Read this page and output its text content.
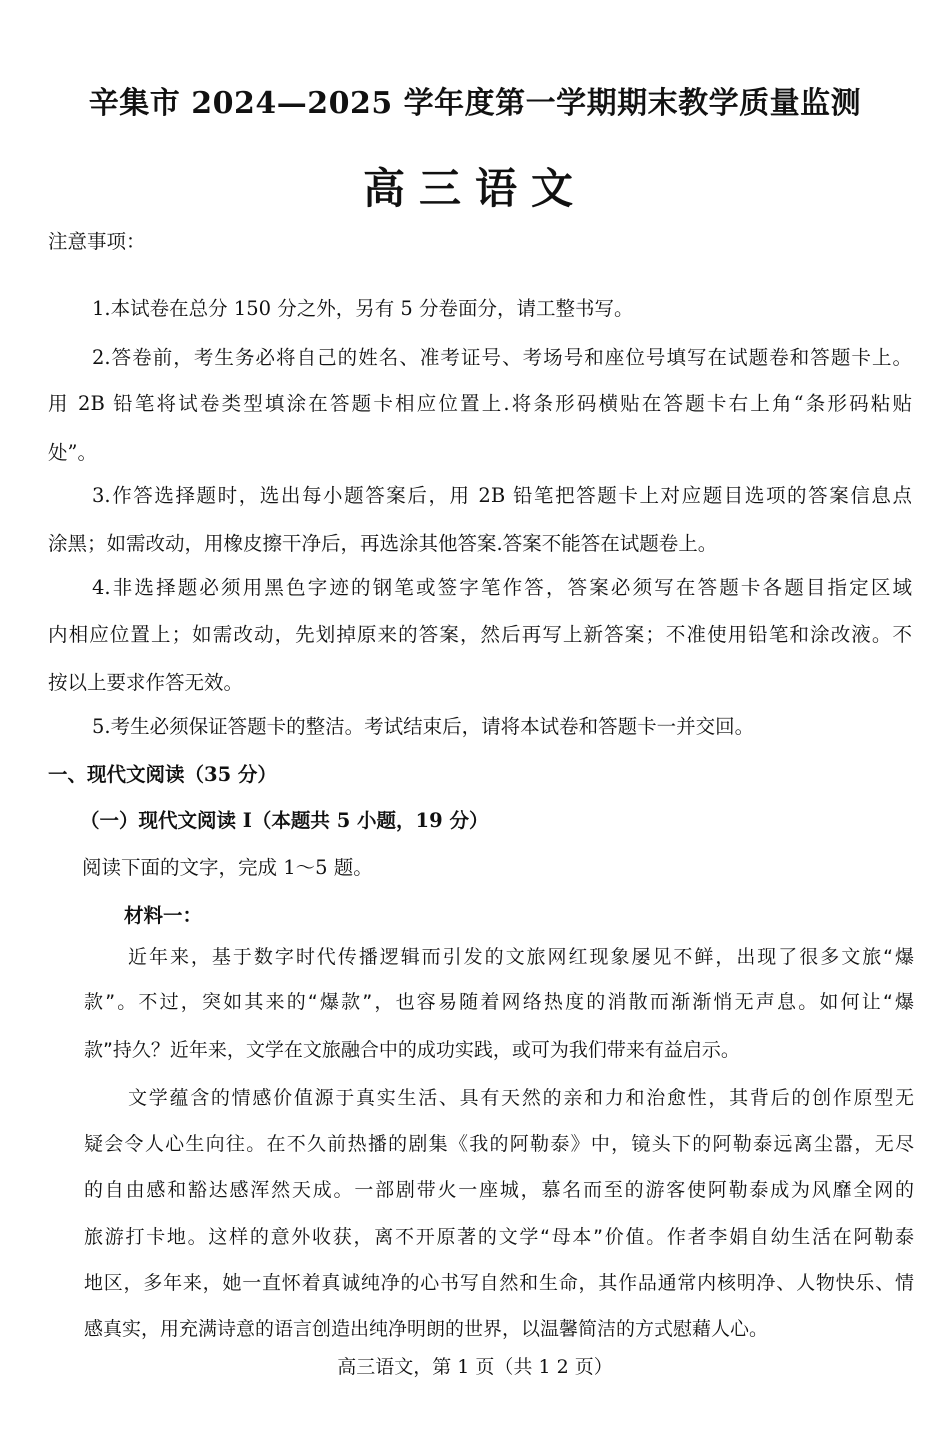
辛集市 2024—2025 学年度第一学期期末教学质量监测
高三语文
注意事项：
1.本试卷在总分 150 分之外，另有 5 分卷面分，请工整书写。
2.答卷前，考生务必将自己的姓名、准考证号、考场号和座位号填写在试题卷和答题卡上。
用 2B 铅笔将试卷类型填涂在答题卡相应位置上.将条形码横贴在答题卡右上角“条形码粘贴
处”。
3.作答选择题时，选出每小题答案后，用 2B 铅笔把答题卡上对应题目选项的答案信息点
涂黑；如需改动，用橡皮擦干净后，再选涂其他答案.答案不能答在试题卷上。
4.非选择题必须用黑色字迹的钢笔或签字笔作答，答案必须写在答题卡各题目指定区域
内相应位置上；如需改动，先划掉原来的答案，然后再写上新答案；不准使用铅笔和涂改液。不
按以上要求作答无效。
5.考生必须保证答题卡的整洁。考试结束后，请将本试卷和答题卡一并交回。
一、现代文阅读（35 分）
（一）现代文阅读 I（本题共 5 小题，19 分）
阅读下面的文字，完成 1～5 题。
材料一：
近年来，基于数字时代传播逻辑而引发的文旅网红现象屡见不鲜，出现了很多文旅“爆
款”。不过，突如其来的“爆款”，也容易随着网络热度的消散而渐渐悄无声息。如何让“爆
款”持久？近年来，文学在文旅融合中的成功实践，或可为我们带来有益启示。
文学蕴含的情感价值源于真实生活、具有天然的亲和力和治愈性，其背后的创作原型无
疑会令人心生向往。在不久前热播的剧集《我的阿勒泰》中，镜头下的阿勒泰远离尘嚣，无尽
的自由感和豁达感浑然天成。一部剧带火一座城，慕名而至的游客使阿勒泰成为风靡全网的
旅游打卡地。这样的意外收获，离不开原著的文学“母本”价值。作者李娟自幼生活在阿勒泰
地区，多年来，她一直怀着真诚纯净的心书写自然和生命，其作品通常内核明净、人物快乐、情
感真实，用充满诗意的语言创造出纯净明朗的世界，以温馨简洁的方式慰藉人心。
高三语文，第 1 页（共 1 2 页）
